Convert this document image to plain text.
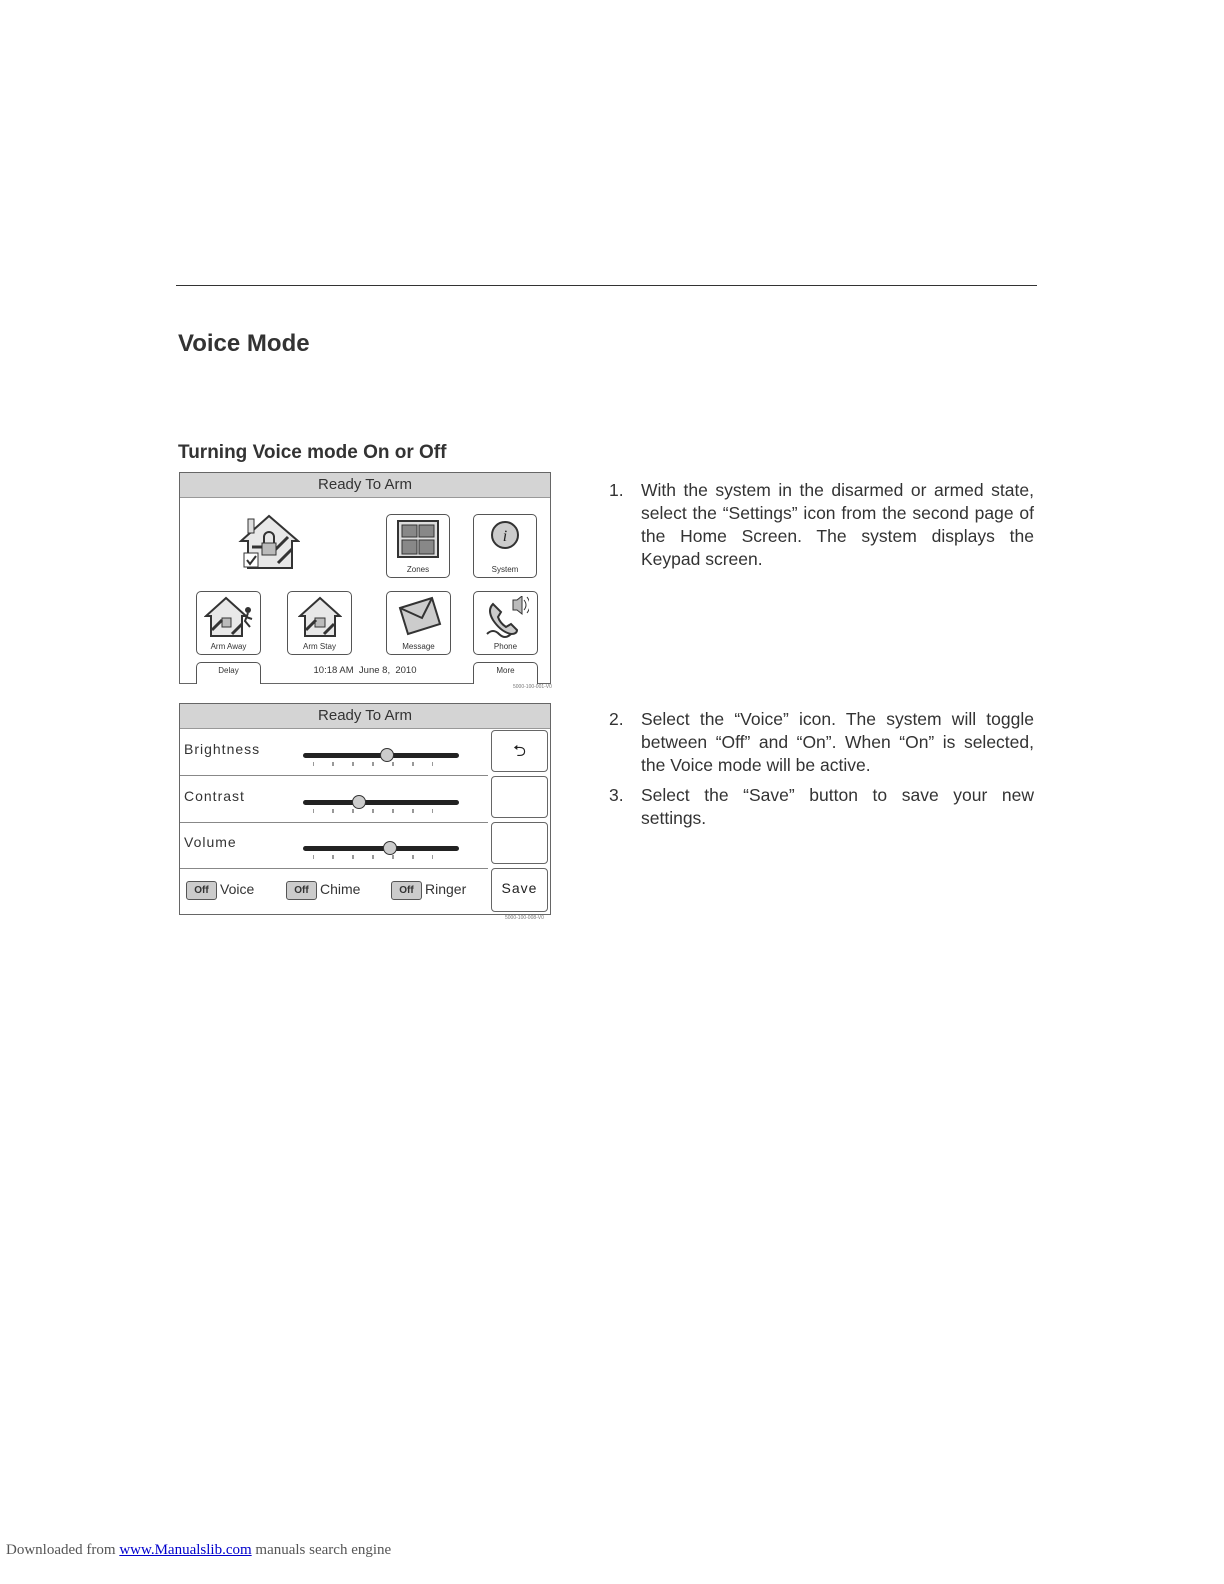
Voice Mode
Turning Voice mode On or Off
Ready To Arm
Zones
i
System
Arm Away	Arm Stay	Message	Phone
Delay	10:18 AM  June 8,  2010	More
5000-100-001-V0
Ready To Arm
Brightness
Contrast
Volume
⮌
Save
Off Voice	Off Chime	Off Ringer
5000-100-008-V0
1. With the system in the disarmed or armed state, select the “Settings” icon from the second page of the Home Screen. The system displays the Keypad screen.
2. Select the “Voice” icon. The system will toggle between “Off” and “On”. When “On” is selected, the Voice mode will be active.
3. Select the “Save” button to save your new settings.
Downloaded from www.Manualslib.com manuals search engine
